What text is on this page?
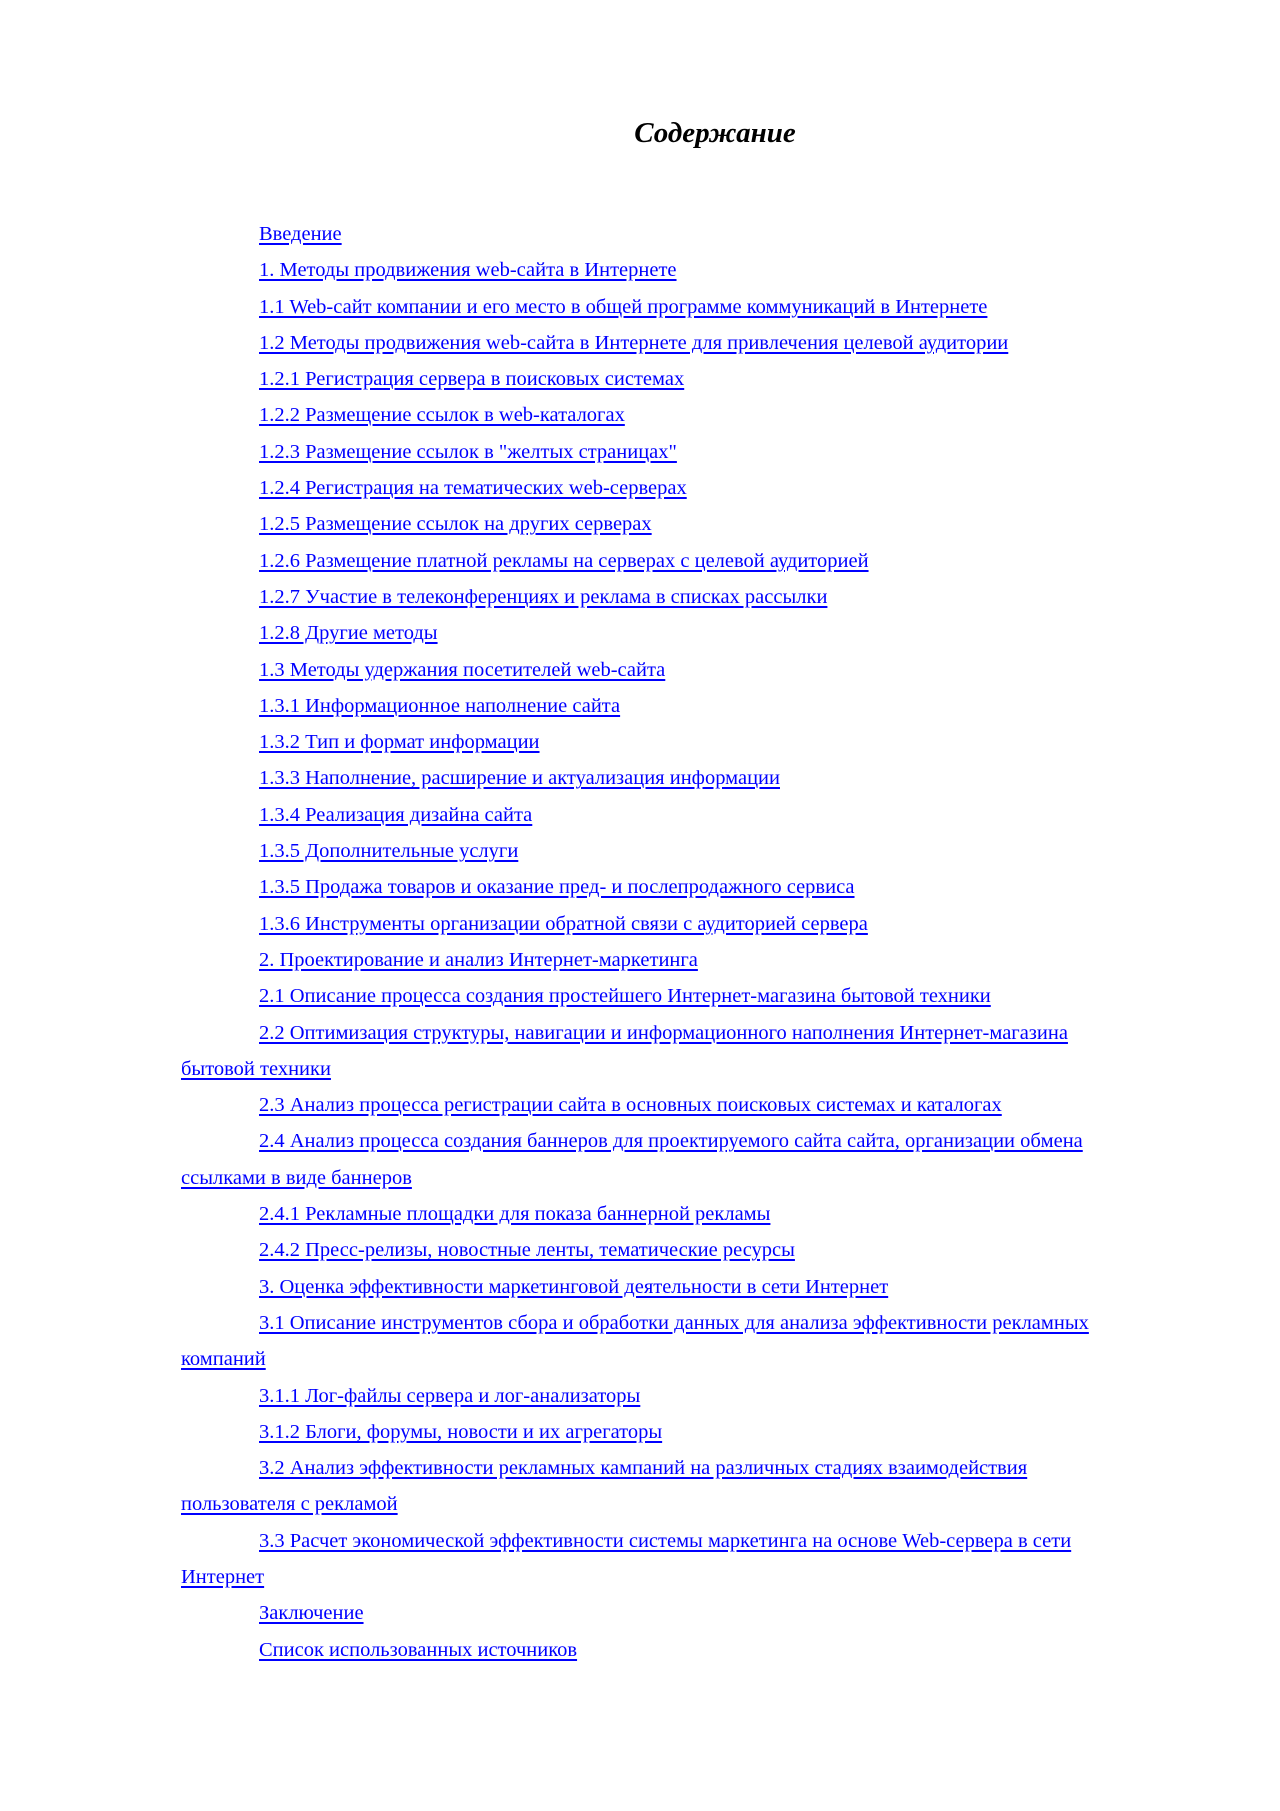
Содержание
Введение
1. Методы продвижения web-сайта в Интернете
1.1 Web-сайт компании и его место в общей программе коммуникаций в Интернете
1.2 Методы продвижения web-сайта в Интернете для привлечения целевой аудитории
1.2.1 Регистрация сервера в поисковых системах
1.2.2 Размещение ссылок в web-каталогах
1.2.3 Размещение ссылок в "желтых страницах"
1.2.4 Регистрация на тематических web-серверах
1.2.5 Размещение ссылок на других серверах
1.2.6 Размещение платной рекламы на серверах с целевой аудиторией
1.2.7 Участие в телеконференциях и реклама в списках рассылки
1.2.8 Другие методы
1.3 Методы удержания посетителей web-сайта
1.3.1 Информационное наполнение сайта
1.3.2 Тип и формат информации
1.3.3 Наполнение, расширение и актуализация информации
1.3.4 Реализация дизайна сайта
1.3.5 Дополнительные услуги
1.3.5 Продажа товаров и оказание пред- и послепродажного сервиса
1.3.6 Инструменты организации обратной связи с аудиторией сервера
2. Проектирование и анализ Интернет-маркетинга
2.1 Описание процесса создания простейшего Интернет-магазина бытовой техники
2.2 Оптимизация структуры, навигации и информационного наполнения Интернет-магазина бытовой техники
2.3 Анализ процесса регистрации сайта в основных поисковых системах и каталогах
2.4 Анализ процесса создания баннеров для проектируемого сайта сайта, организации обмена ссылками в виде баннеров
2.4.1 Рекламные площадки для показа баннерной рекламы
2.4.2 Пресс-релизы, новостные ленты, тематические ресурсы
3. Оценка эффективности маркетинговой деятельности в сети Интернет
3.1 Описание инструментов сбора и обработки данных для анализа эффективности рекламных компаний
3.1.1 Лог-файлы сервера и лог-анализаторы
3.1.2 Блоги, форумы, новости и их агрегаторы
3.2 Анализ эффективности рекламных кампаний на различных стадиях взаимодействия пользователя с рекламой
3.3 Расчет экономической эффективности системы маркетинга на основе Web-сервера в сети Интернет
Заключение
Список использованных источников
